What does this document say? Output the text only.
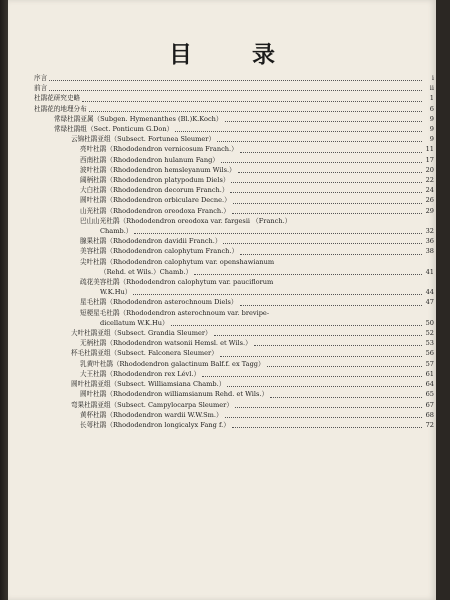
目 录
序言	i
前言	ii
杜鹃花研究史略	1
杜鹃花的地理分布	6
常绿杜鹃亚属（Subgen. Hymenanthes (Bl.)K.Koch）	9
常绿杜鹃组（Sect. Ponticum G.Don）	9
云锦杜鹃亚组（Subsect. Fortunea Sleumer）	9
亮叶杜鹃（Rhododendron vernicosum Franch.）	11
西南杜鹃（Rhododendron hulanum Fang）	17
波叶杜鹃（Rhododendron hemsleyanum Wils.）	20
阔柄杜鹃（Rhododendron platypodum Diels）	22
大白杜鹃（Rhododendron decorum Franch.）	24
圆叶杜鹃（Rhododendron orbiculare Decne.）	26
山光杜鹃（Rhododendron oreodoxa Franch.）	29
巴山山光杜鹃（Rhododendron oreodoxa var. fargesii （Franch.）
Chamb.）	32
腺果杜鹃（Rhododendron davidii Franch.）	36
美容杜鹃（Rhododendron calophytum Franch.）	38
尖叶杜鹃（Rhododendron calophytum var. openshawianum
（Rehd. et Wils.）Chamb.）	41
疏花美容杜鹃（Rhododendron calophytum var. pauciflorum
W.K.Hu）	44
星毛杜鹃（Rhododendron asterochnoum Diels）	47
短梗星毛杜鹃（Rhododendron asterochnoum var. brevipe-
dicellatum W.K.Hu）	50
大叶杜鹃亚组（Subsect. Grandia Sleumer）	52
无柄杜鹃（Rhododendron watsonii Hemsl. et Wils.）	53
杯毛杜鹃亚组（Subsect. Falconera Sleumer）	56
乳黄叶杜鹃（Rhododendron galactinum Balf.f. ex Tagg）	57
大王杜鹃（Rhododendron rex Lévl.）	61
圆叶杜鹃亚组（Subsect. Williamsiana Chamb.）	64
圆叶杜鹃（Rhododendron williamsianum Rehd. et Wils.）	65
弯果杜鹃亚组（Subsect. Campylocarpa Sleumer）	67
黄杯杜鹃（Rhododendron wardii W.W.Sm.）	68
长萼杜鹃（Rhododendron longicalyx Fang f.）	72
